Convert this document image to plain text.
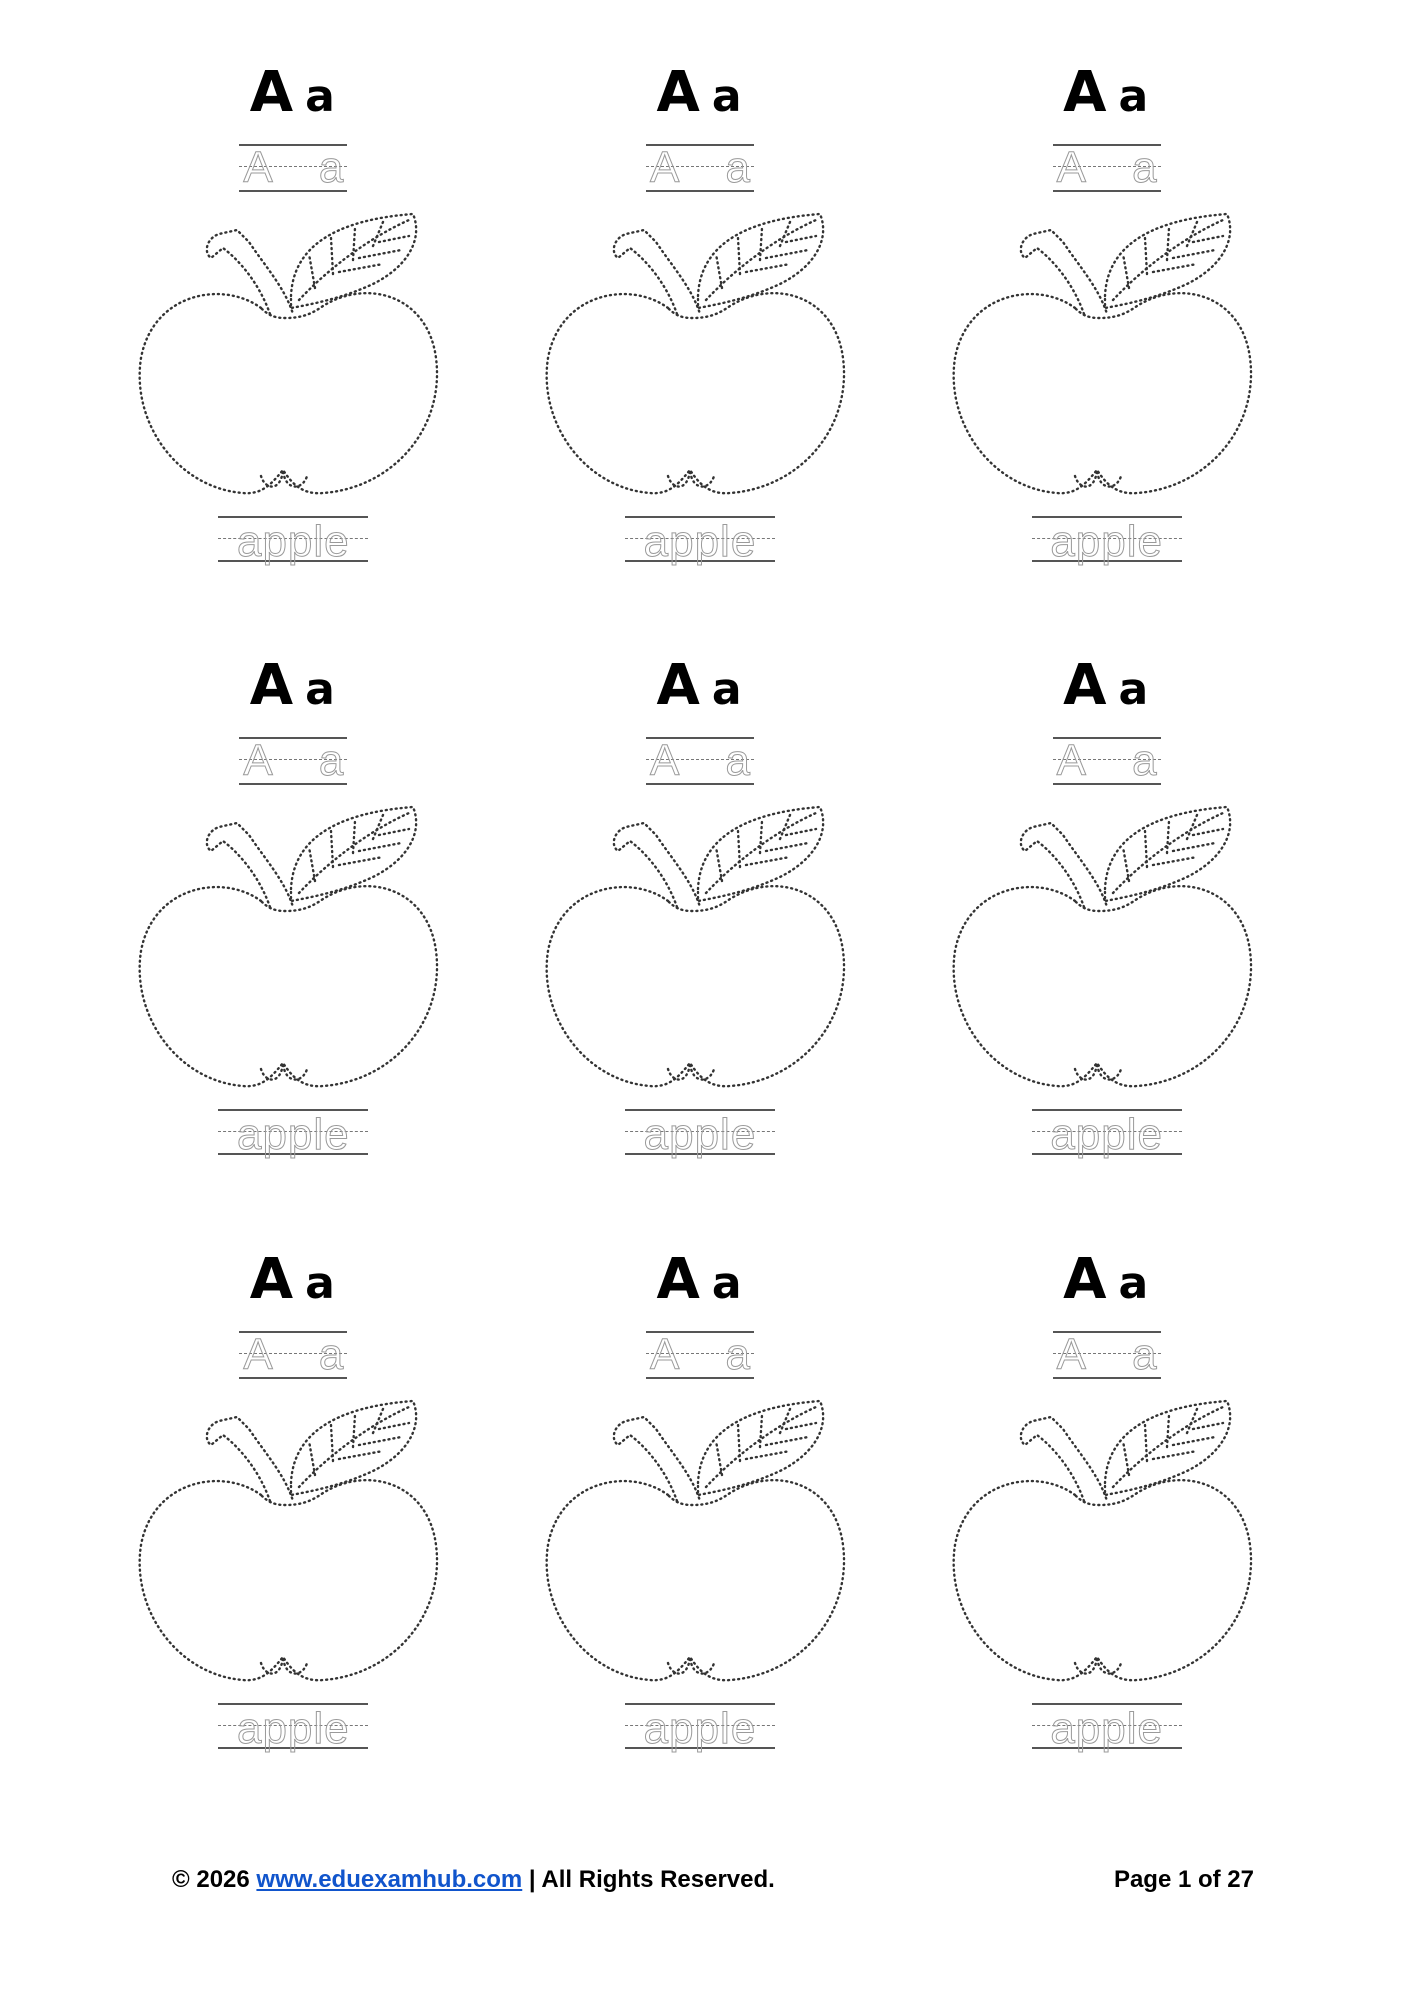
A a
A a
apple
A a
A a
apple
A a
A a
apple
A a
A a
apple
A a
A a
apple
A a
A a
apple
A a
A a
apple
A a
A a
apple
A a
A a
apple
© 2026 www.eduexamhub.com | All Rights Reserved.	Page 1 of 27
